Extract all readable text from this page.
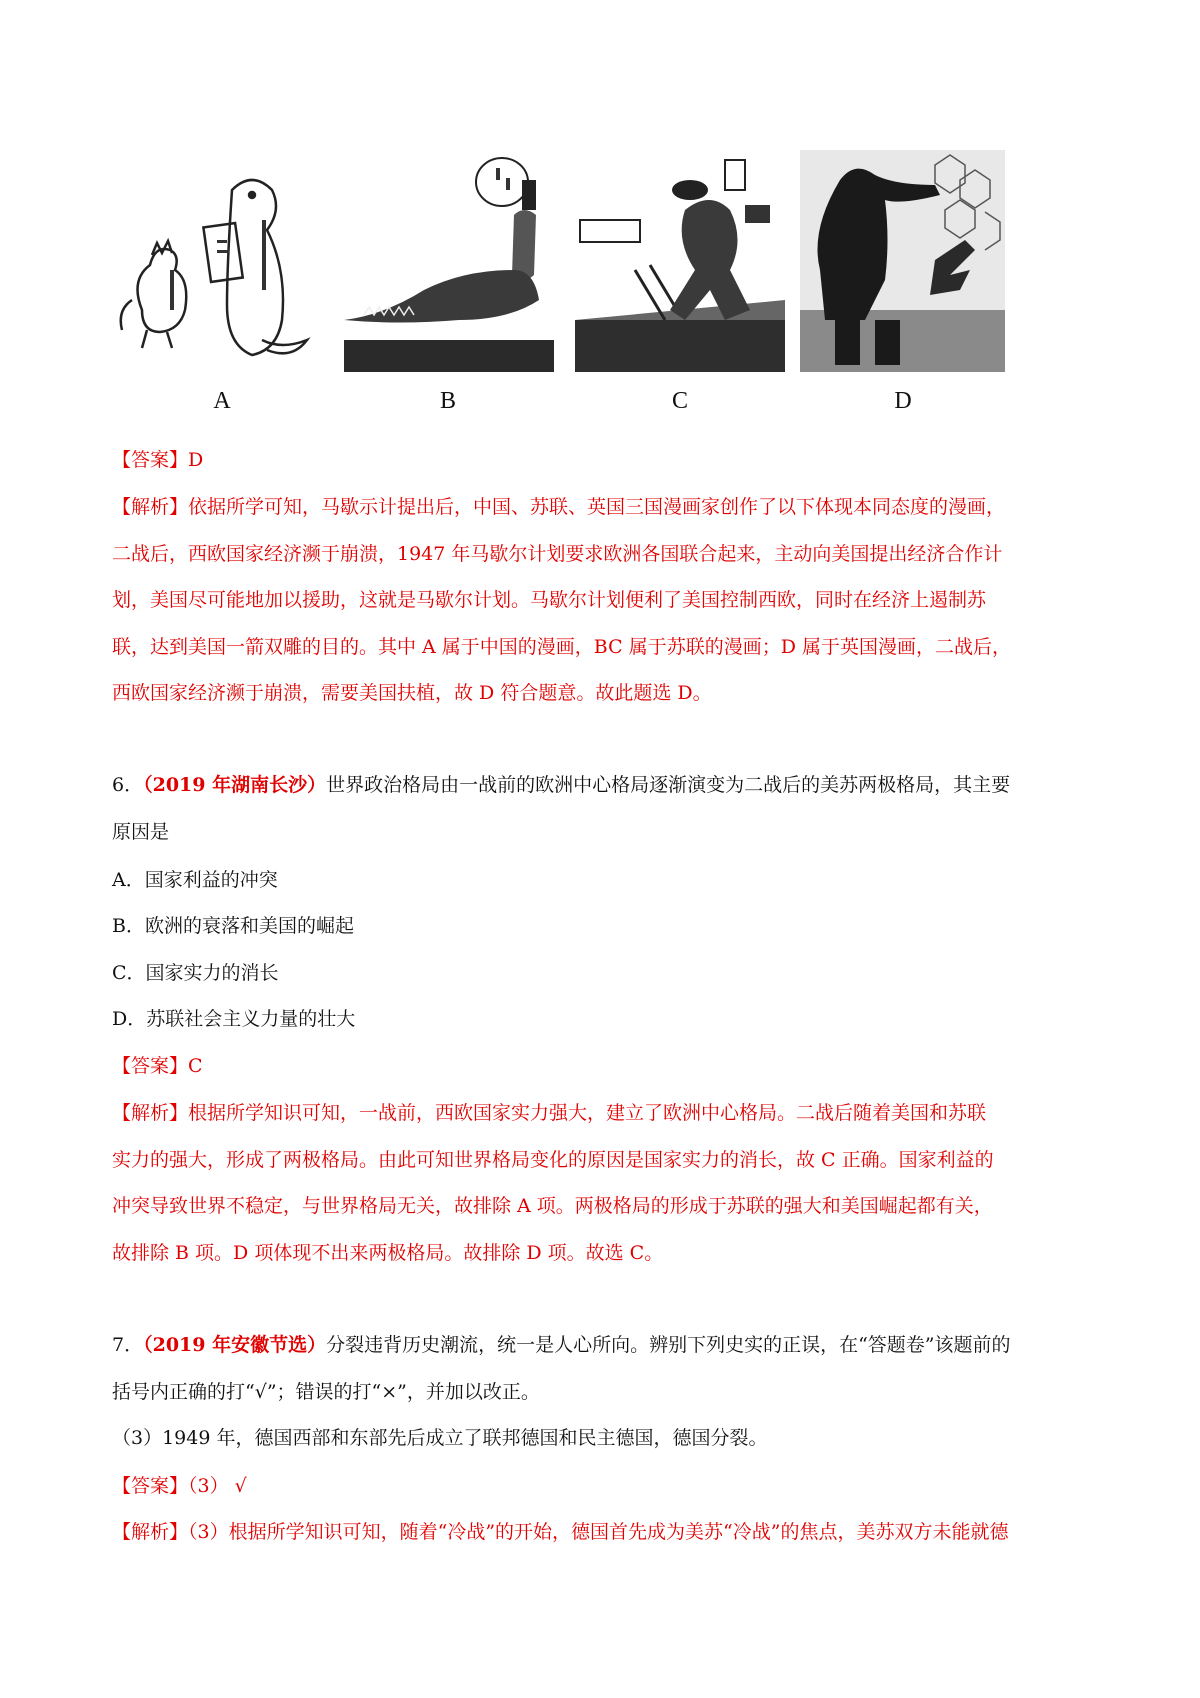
A	B	C	D
【答案】D
【解析】依据所学可知，马歇示计提出后，中国、苏联、英国三国漫画家创作了以下体现本同态度的漫画，
二战后，西欧国家经济濒于崩溃，1947 年马歇尔计划要求欧洲各国联合起来，主动向美国提出经济合作计
划，美国尽可能地加以援助，这就是马歇尔计划。马歇尔计划便利了美国控制西欧，同时在经济上遏制苏
联，达到美国一箭双雕的目的。其中 A 属于中国的漫画，BC 属于苏联的漫画；D 属于英国漫画，二战后，
西欧国家经济濒于崩溃，需要美国扶植，故 D 符合题意。故此题选 D。
6．（2019 年湖南长沙）世界政治格局由一战前的欧洲中心格局逐渐演变为二战后的美苏两极格局，其主要
原因是
A．国家利益的冲突
B．欧洲的衰落和美国的崛起
C．国家实力的消长
D．苏联社会主义力量的壮大
【答案】C
【解析】根据所学知识可知，一战前，西欧国家实力强大，建立了欧洲中心格局。二战后随着美国和苏联
实力的强大，形成了两极格局。由此可知世界格局变化的原因是国家实力的消长，故 C 正确。国家利益的
冲突导致世界不稳定，与世界格局无关，故排除 A 项。两极格局的形成于苏联的强大和美国崛起都有关，
故排除 B 项。D 项体现不出来两极格局。故排除 D 项。故选 C。
7．（2019 年安徽节选）分裂违背历史潮流，统一是人心所向。辨别下列史实的正误，在“答题卷”该题前的
括号内正确的打“√”；错误的打“×”，并加以改正。
（3）1949 年，德国西部和东部先后成立了联邦德国和民主德国，德国分裂。
【答案】（3） √
【解析】（3）根据所学知识可知，随着“冷战”的开始，德国首先成为美苏“冷战”的焦点，美苏双方未能就德
